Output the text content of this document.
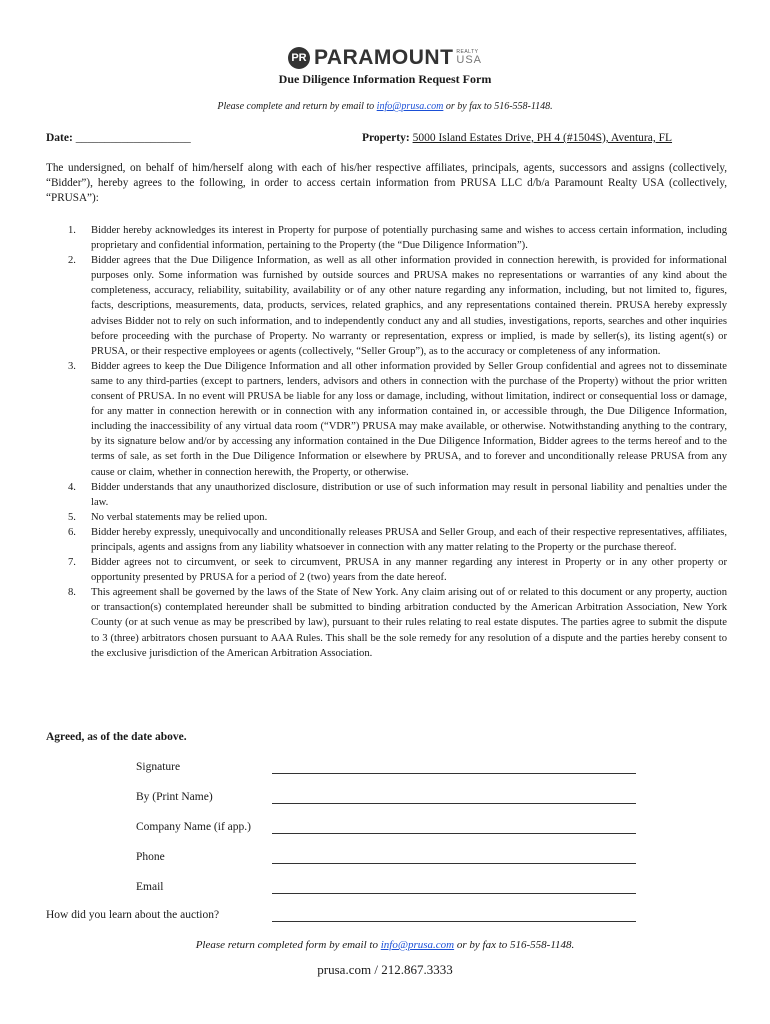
PR PARAMOUNT REALTY
USA
Due Diligence Information Request Form
Please complete and return by email to info@prusa.com or by fax to 516-558-1148.
Date: ____________________	Property: 5000 Island Estates Drive, PH 4 (#1504S), Aventura, FL
The undersigned, on behalf of him/herself along with each of his/her respective affiliates, principals, agents, successors and assigns (collectively, “Bidder”), hereby agrees to the following, in order to access certain information from PRUSA LLC d/b/a Paramount Realty USA (collectively, “PRUSA”):
1. Bidder hereby acknowledges its interest in Property for purpose of potentially purchasing same and wishes to access certain information, including proprietary and confidential information, pertaining to the Property (the “Due Diligence Information”).
2. Bidder agrees that the Due Diligence Information, as well as all other information provided in connection herewith, is provided for informational purposes only. Some information was furnished by outside sources and PRUSA makes no representations or warranties of any kind about the completeness, accuracy, reliability, suitability, availability or of any other nature regarding any information, including, but not limited to, figures, facts, descriptions, measurements, data, products, services, related graphics, and any representations contained therein. PRUSA hereby expressly advises Bidder not to rely on such information, and to independently conduct any and all studies, investigations, reports, searches and other inquiries before proceeding with the purchase of Property. No warranty or representation, express or implied, is made by seller(s), its listing agent(s) or PRUSA, or their respective employees or agents (collectively, “Seller Group”), as to the accuracy or completeness of any information.
3. Bidder agrees to keep the Due Diligence Information and all other information provided by Seller Group confidential and agrees not to disseminate same to any third-parties (except to partners, lenders, advisors and others in connection with the purchase of the Property) without the prior written consent of PRUSA. In no event will PRUSA be liable for any loss or damage, including, without limitation, indirect or consequential loss or damage, for any matter in connection herewith or in connection with any information contained in, or accessible through, the Due Diligence Information, including the inaccessibility of any virtual data room (“VDR”) PRUSA may make available, or otherwise. Notwithstanding anything to the contrary, by its signature below and/or by accessing any information contained in the Due Diligence Information, Bidder agrees to the terms hereof and to the terms of sale, as set forth in the Due Diligence Information or elsewhere by PRUSA, and to forever and unconditionally release PRUSA from any cause or claim, whether in connection herewith, the Property, or otherwise.
4. Bidder understands that any unauthorized disclosure, distribution or use of such information may result in personal liability and penalties under the law.
5. No verbal statements may be relied upon.
6. Bidder hereby expressly, unequivocally and unconditionally releases PRUSA and Seller Group, and each of their respective representatives, affiliates, principals, agents and assigns from any liability whatsoever in connection with any matter relating to the Property or the purchase thereof.
7. Bidder agrees not to circumvent, or seek to circumvent, PRUSA in any manner regarding any interest in Property or in any other property or opportunity presented by PRUSA for a period of 2 (two) years from the date hereof.
8. This agreement shall be governed by the laws of the State of New York. Any claim arising out of or related to this document or any property, auction or transaction(s) contemplated hereunder shall be submitted to binding arbitration conducted by the American Arbitration Association, New York County (or at such venue as may be prescribed by law), pursuant to their rules relating to real estate disputes. The parties agree to submit the dispute to 3 (three) arbitrators chosen pursuant to AAA Rules. This shall be the sole remedy for any resolution of a dispute and the parties hereby consent to the exclusive jurisdiction of the American Arbitration Association.
Agreed, as of the date above.
Signature
By (Print Name)
Company Name (if app.)
Phone
Email
How did you learn about the auction?
Please return completed form by email to info@prusa.com or by fax to 516-558-1148.
prusa.com / 212.867.3333
